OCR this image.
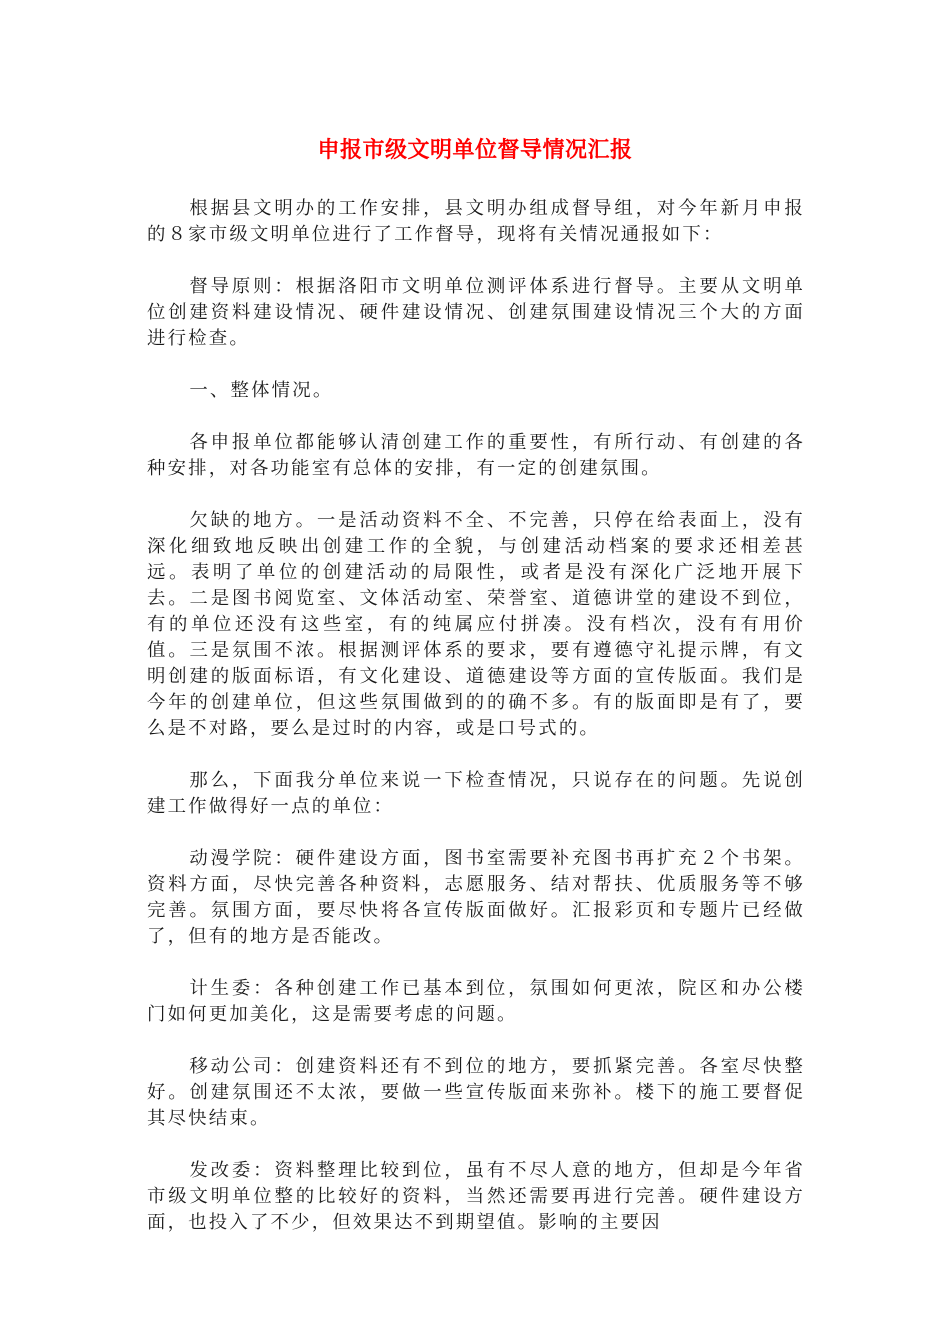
申报市级文明单位督导情况汇报

根据县文明办的工作安排，县文明办组成督导组，对今年新月申报的８家市级文明单位进行了工作督导，现将有关情况通报如下：

督导原则：根据洛阳市文明单位测评体系进行督导。主要从文明单位创建资料建设情况、硬件建设情况、创建氛围建设情况三个大的方面进行检查。

一、整体情况。

各申报单位都能够认清创建工作的重要性，有所行动、有创建的各种安排，对各功能室有总体的安排，有一定的创建氛围。

欠缺的地方。一是活动资料不全、不完善，只停在给表面上，没有深化细致地反映出创建工作的全貌，与创建活动档案的要求还相差甚远。表明了单位的创建活动的局限性，或者是没有深化广泛地开展下去。二是图书阅览室、文体活动室、荣誉室、道德讲堂的建设不到位，有的单位还没有这些室，有的纯属应付拼凑。没有档次，没有有用价值。三是氛围不浓。根据测评体系的要求，要有遵德守礼提示牌，有文明创建的版面标语，有文化建设、道德建设等方面的宣传版面。我们是今年的创建单位，但这些氛围做到的的确不多。有的版面即是有了，要么是不对路，要么是过时的内容，或是口号式的。

那么，下面我分单位来说一下检查情况，只说存在的问题。先说创建工作做得好一点的单位：

动漫学院：硬件建设方面，图书室需要补充图书再扩充２个书架。资料方面，尽快完善各种资料，志愿服务、结对帮扶、优质服务等不够完善。氛围方面，要尽快将各宣传版面做好。汇报彩页和专题片已经做了，但有的地方是否能改。

计生委：各种创建工作已基本到位，氛围如何更浓，院区和办公楼门如何更加美化，这是需要考虑的问题。

移动公司：创建资料还有不到位的地方，要抓紧完善。各室尽快整好。创建氛围还不太浓，要做一些宣传版面来弥补。楼下的施工要督促其尽快结束。

发改委：资料整理比较到位，虽有不尽人意的地方，但却是今年省市级文明单位整的比较好的资料，当然还需要再进行完善。硬件建设方面，也投入了不少，但效果达不到期望值。影响的主要因
